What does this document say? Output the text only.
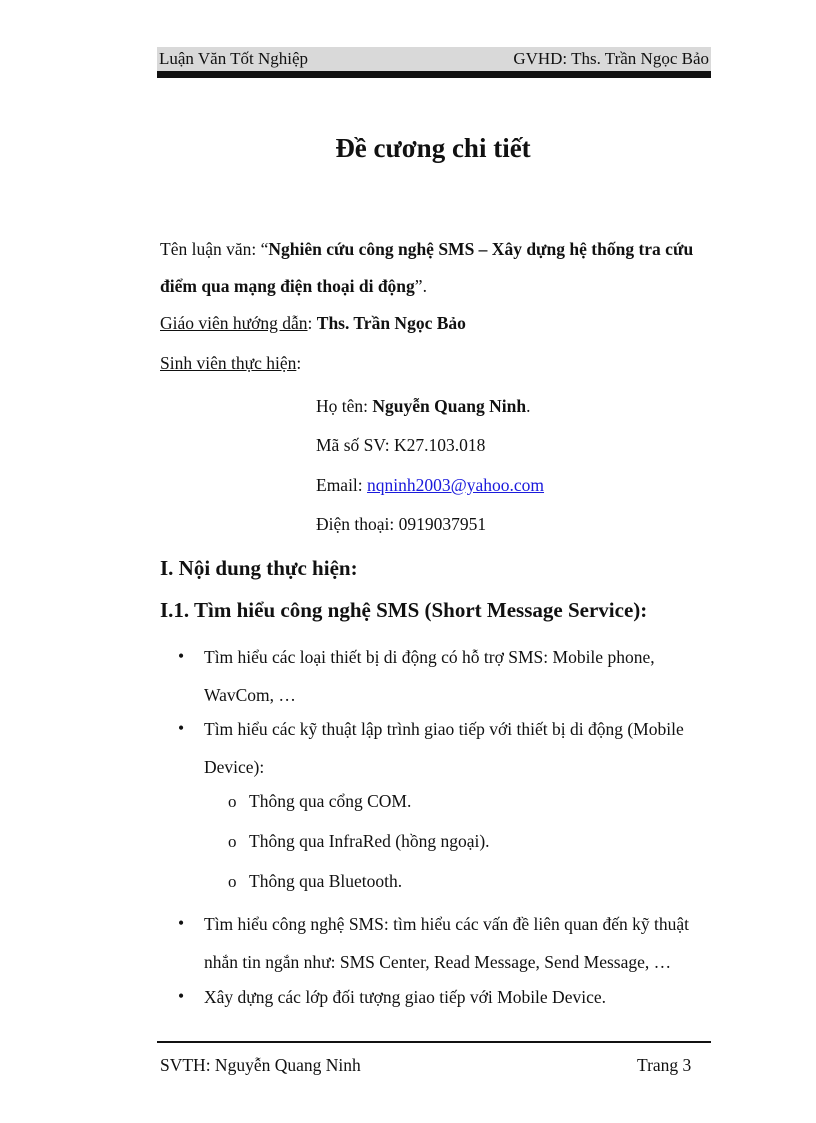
Luận Văn Tốt Nghiệp	GVHD: Ths. Trần Ngọc Bảo
Đề cương chi tiết
Tên luận văn: “Nghiên cứu công nghệ SMS – Xây dựng hệ thống tra cứu
điểm qua mạng điện thoại di động”.
Giáo viên hướng dẫn: Ths. Trần Ngọc Bảo
Sinh viên thực hiện:
Họ tên: Nguyễn Quang Ninh.
Mã số SV: K27.103.018
Email: nqninh2003@yahoo.com
Điện thoại: 0919037951
I. Nội dung thực hiện:
I.1. Tìm hiểu công nghệ SMS (Short Message Service):
• Tìm hiểu các loại thiết bị di động có hỗ trợ SMS: Mobile phone,
WavCom, …
• Tìm hiểu các kỹ thuật lập trình giao tiếp với thiết bị di động (Mobile
Device):
o Thông qua cổng COM.
o Thông qua InfraRed (hồng ngoại).
o Thông qua Bluetooth.
• Tìm hiểu công nghệ SMS: tìm hiểu các vấn đề liên quan đến kỹ thuật
nhắn tin ngắn như: SMS Center, Read Message, Send Message, …
• Xây dựng các lớp đối tượng giao tiếp với Mobile Device.
SVTH: Nguyễn Quang Ninh	Trang 3
